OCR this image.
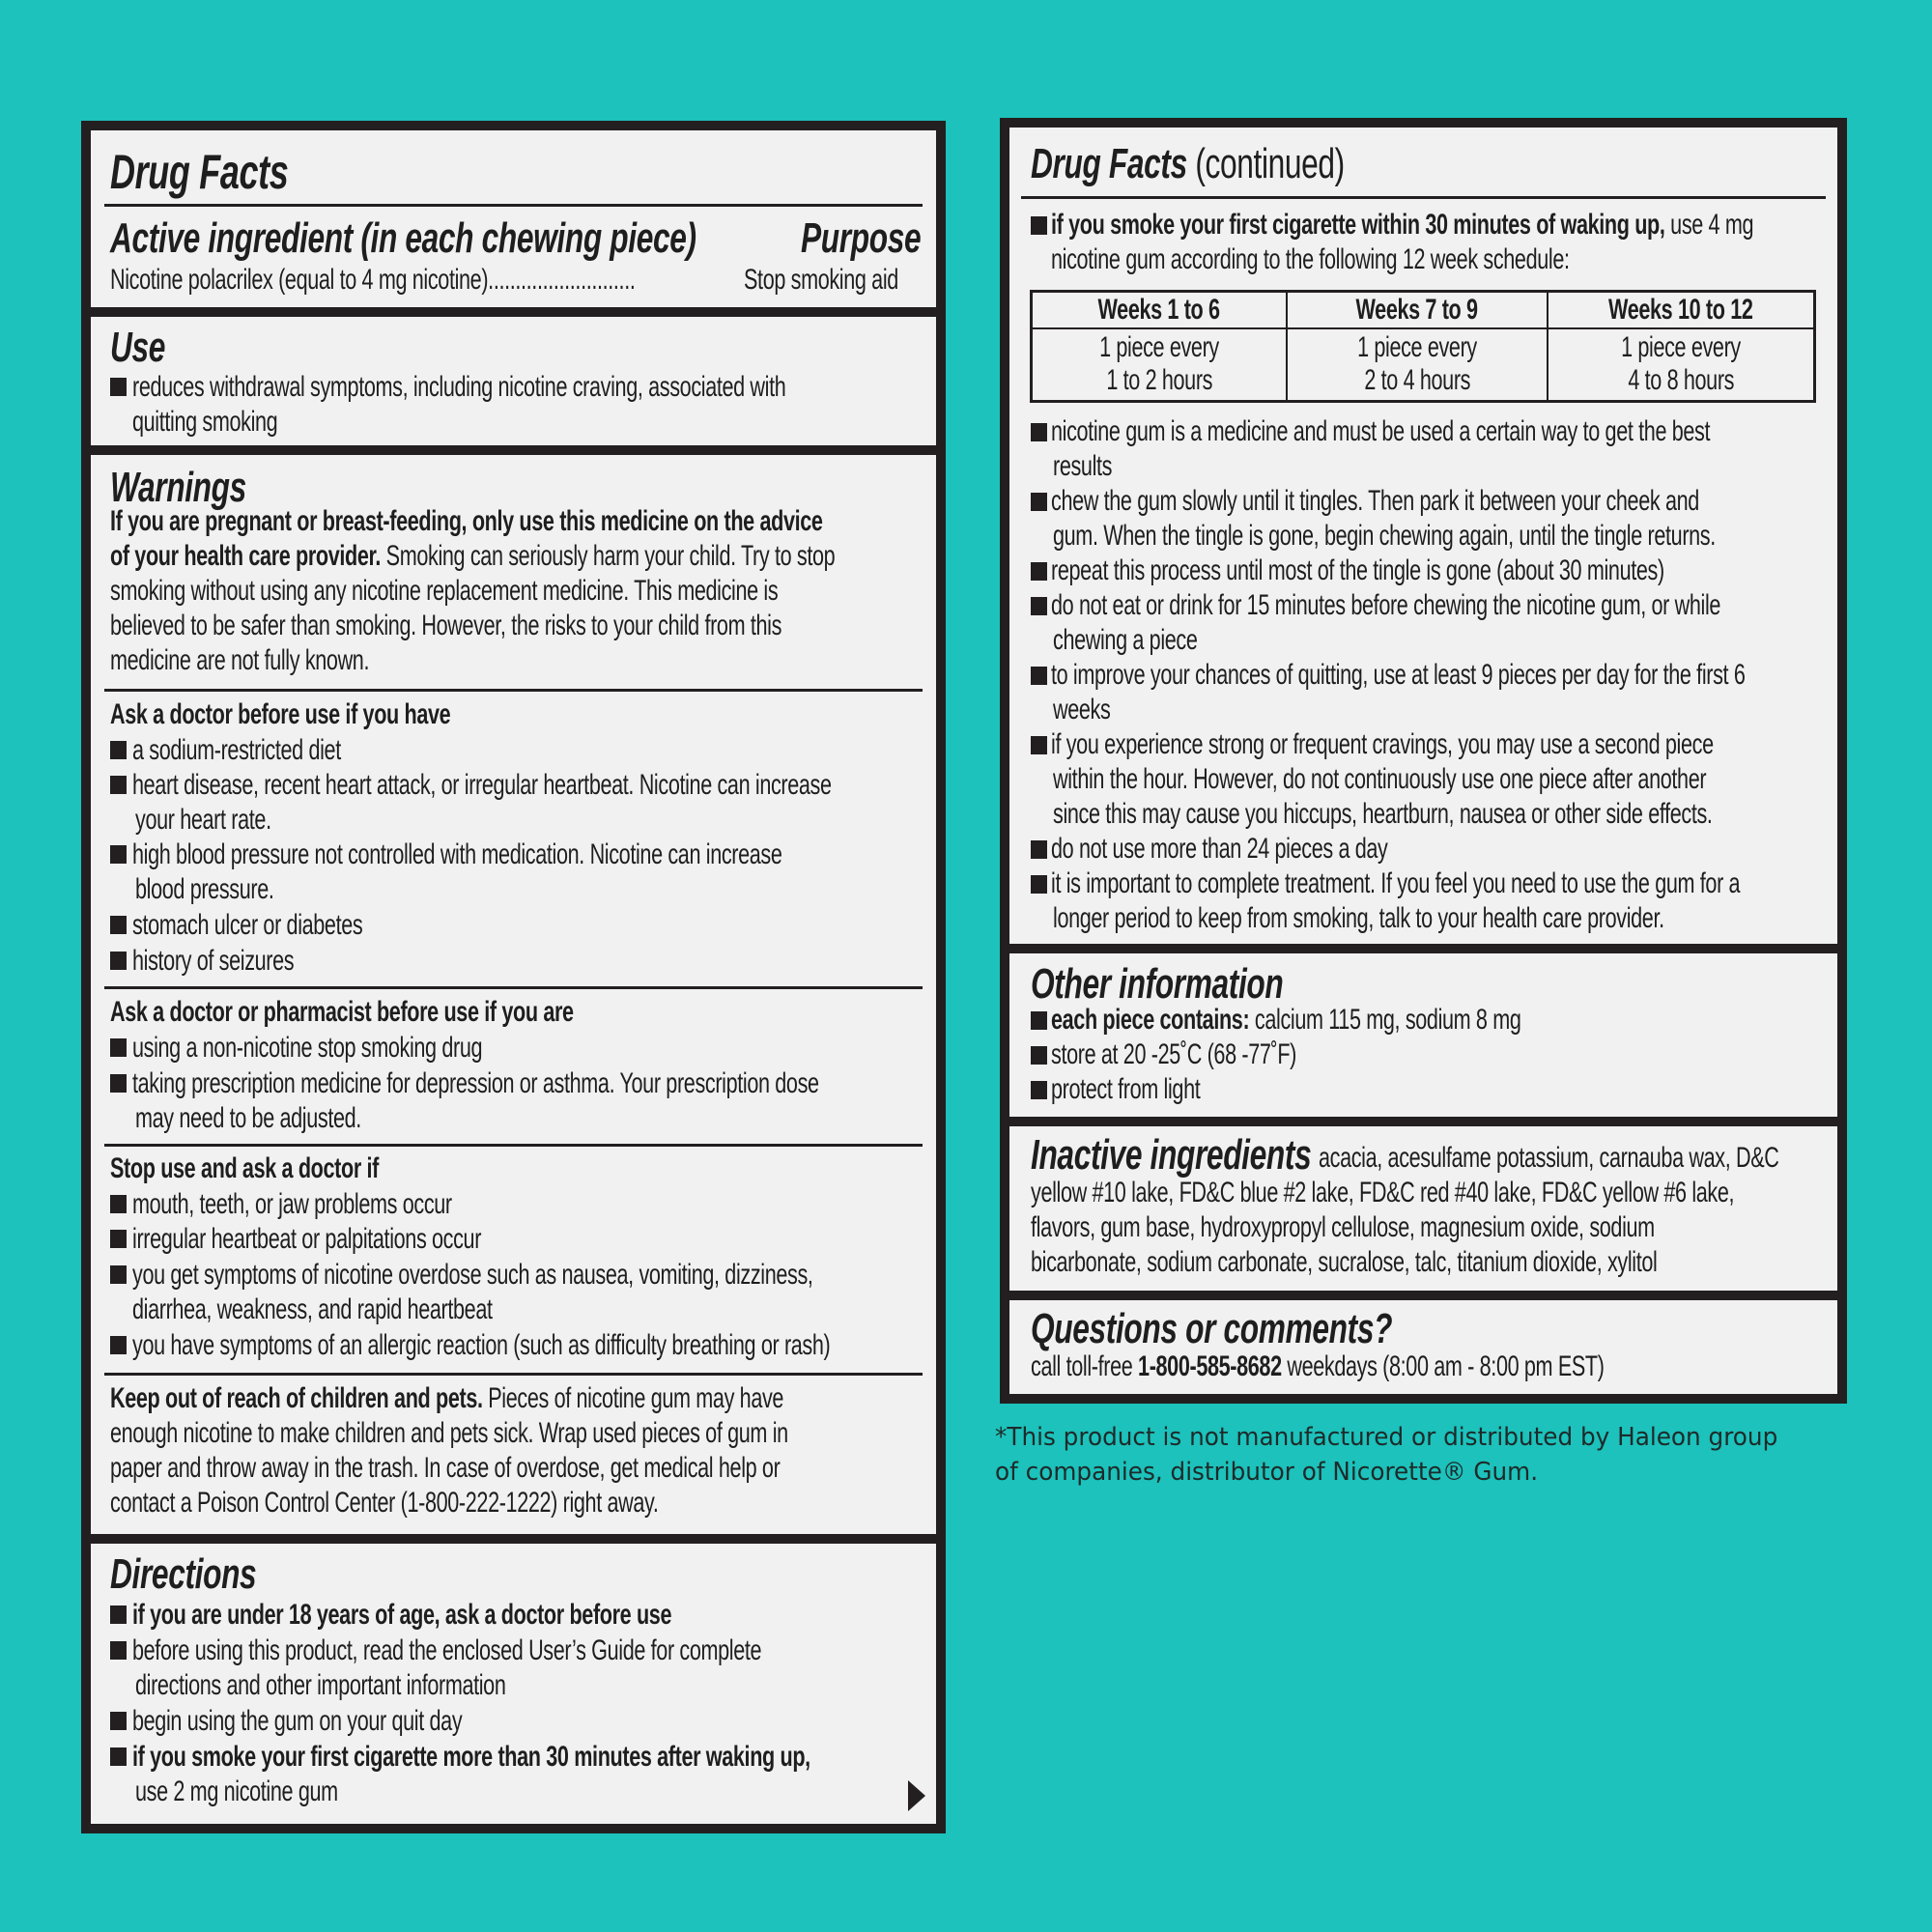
Drug Facts
Active ingredient (in each chewing piece) Purpose
Nicotine polacrilex (equal to 4 mg nicotine)...........................	Stop smoking aid
Use
reduces withdrawal symptoms, including nicotine craving, associated with
quitting smoking
Warnings
If you are pregnant or breast-feeding, only use this medicine on the advice
of your health care provider. Smoking can seriously harm your child. Try to stop
smoking without using any nicotine replacement medicine. This medicine is
believed to be safer than smoking. However, the risks to your child from this
medicine are not fully known.
Ask a doctor before use if you have
a sodium-restricted diet
heart disease, recent heart attack, or irregular heartbeat. Nicotine can increase
your heart rate.
high blood pressure not controlled with medication. Nicotine can increase
blood pressure.
stomach ulcer or diabetes
history of seizures
Ask a doctor or pharmacist before use if you are
using a non-nicotine stop smoking drug
taking prescription medicine for depression or asthma. Your prescription dose
may need to be adjusted.
Stop use and ask a doctor if
mouth, teeth, or jaw problems occur
irregular heartbeat or palpitations occur
you get symptoms of nicotine overdose such as nausea, vomiting, dizziness,
diarrhea, weakness, and rapid heartbeat
you have symptoms of an allergic reaction (such as difficulty breathing or rash)
Keep out of reach of children and pets. Pieces of nicotine gum may have
enough nicotine to make children and pets sick. Wrap used pieces of gum in
paper and throw away in the trash. In case of overdose, get medical help or
contact a Poison Control Center (1-800-222-1222) right away.
Directions
if you are under 18 years of age, ask a doctor before use
before using this product, read the enclosed User’s Guide for complete
directions and other important information
begin using the gum on your quit day
if you smoke your first cigarette more than 30 minutes after waking up,
use 2 mg nicotine gum
Drug Facts (continued)
if you smoke your first cigarette within 30 minutes of waking up, use 4 mg
nicotine gum according to the following 12 week schedule:
Weeks 1 to 6	Weeks 7 to 9	Weeks 10 to 12
1 piece every
1 to 2 hours	1 piece every
2 to 4 hours	1 piece every
4 to 8 hours
nicotine gum is a medicine and must be used a certain way to get the best
results
chew the gum slowly until it tingles. Then park it between your cheek and
gum. When the tingle is gone, begin chewing again, until the tingle returns.
repeat this process until most of the tingle is gone (about 30 minutes)
do not eat or drink for 15 minutes before chewing the nicotine gum, or while
chewing a piece
to improve your chances of quitting, use at least 9 pieces per day for the first 6
weeks
if you experience strong or frequent cravings, you may use a second piece
within the hour. However, do not continuously use one piece after another
since this may cause you hiccups, heartburn, nausea or other side effects.
do not use more than 24 pieces a day
it is important to complete treatment. If you feel you need to use the gum for a
longer period to keep from smoking, talk to your health care provider.
Other information
each piece contains: calcium 115 mg, sodium 8 mg
store at 20 -25˚C (68 -77˚F)
protect from light
Inactive ingredients acacia, acesulfame potassium, carnauba wax, D&C
yellow #10 lake, FD&C blue #2 lake, FD&C red #40 lake, FD&C yellow #6 lake,
flavors, gum base, hydroxypropyl cellulose, magnesium oxide, sodium
bicarbonate, sodium carbonate, sucralose, talc, titanium dioxide, xylitol
Questions or comments?
call toll-free 1-800-585-8682 weekdays (8:00 am - 8:00 pm EST)
*This product is not manufactured or distributed by Haleon group
of companies, distributor of Nicorette® Gum.
